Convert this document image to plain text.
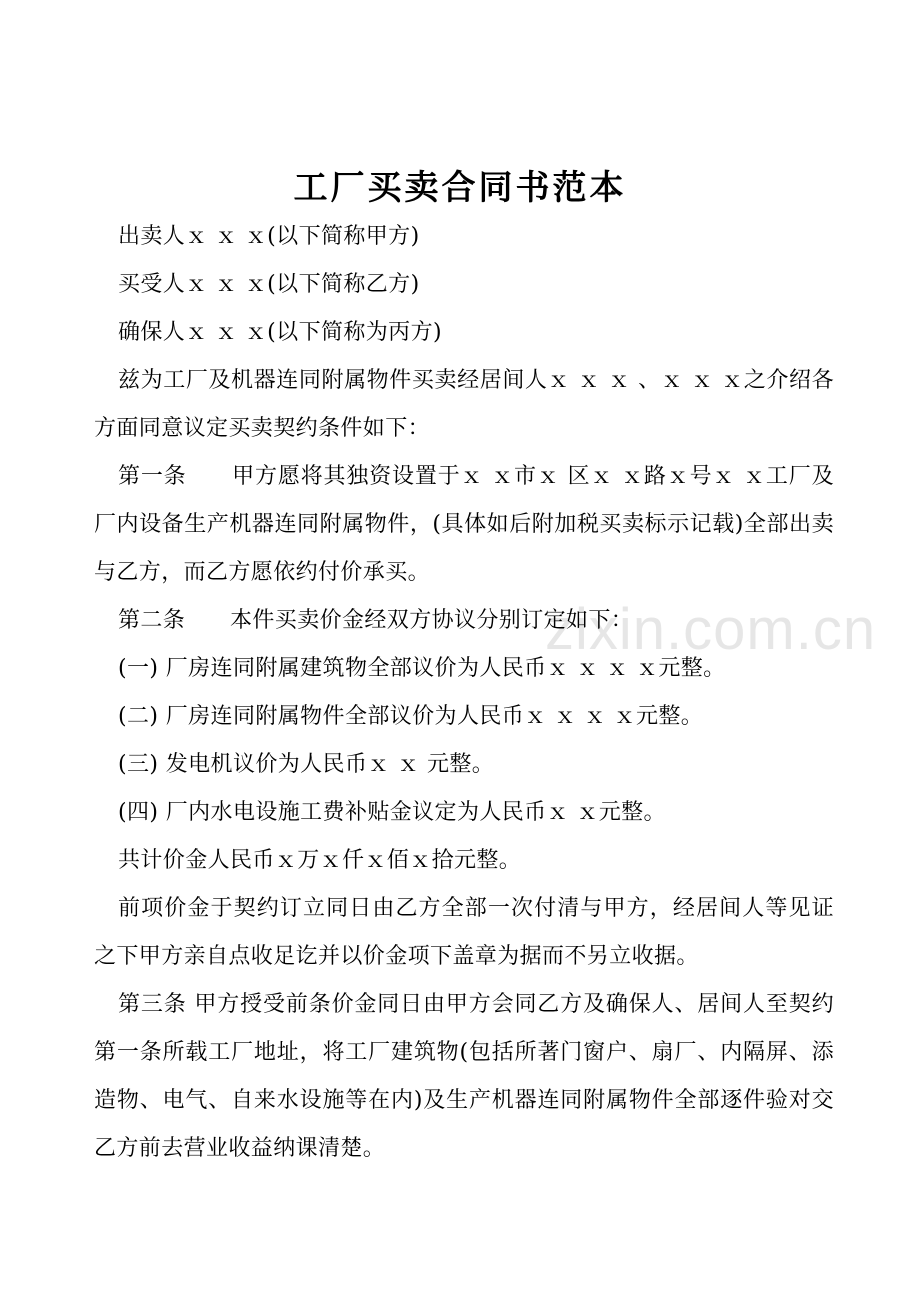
zixin.com.cn
工厂买卖合同书范本

出卖人ｘ ｘ ｘ(以下简称甲方)

买受人ｘ ｘ ｘ(以下简称乙方)

确保人ｘ ｘ ｘ(以下简称为丙方)

兹为工厂及机器连同附属物件买卖经居间人ｘ ｘ ｘ 、ｘ ｘ ｘ之介绍各方面同意议定买卖契约条件如下：

第一条　　甲方愿将其独资设置于ｘ ｘ市ｘ 区ｘ ｘ路ｘ号ｘ ｘ工厂及厂内设备生产机器连同附属物件，(具体如后附加税买卖标示记载)全部出卖与乙方，而乙方愿依约付价承买。

第二条　　本件买卖价金经双方协议分别订定如下：

(一) 厂房连同附属建筑物全部议价为人民币ｘ ｘ ｘ ｘ元整。

(二) 厂房连同附属物件全部议价为人民币ｘ ｘ ｘ ｘ元整。

(三) 发电机议价为人民币ｘ ｘ 元整。

(四) 厂内水电设施工费补贴金议定为人民币ｘ ｘ元整。

共计价金人民币ｘ万ｘ仟ｘ佰ｘ拾元整。

前项价金于契约订立同日由乙方全部一次付清与甲方，经居间人等见证之下甲方亲自点收足讫并以价金项下盖章为据而不另立收据。

第三条 甲方授受前条价金同日由甲方会同乙方及确保人、居间人至契约第一条所载工厂地址，将工厂建筑物(包括所著门窗户、扇厂、内隔屏、添造物、电气、自来水设施等在内)及生产机器连同附属物件全部逐件验对交乙方前去营业收益纳课清楚。
